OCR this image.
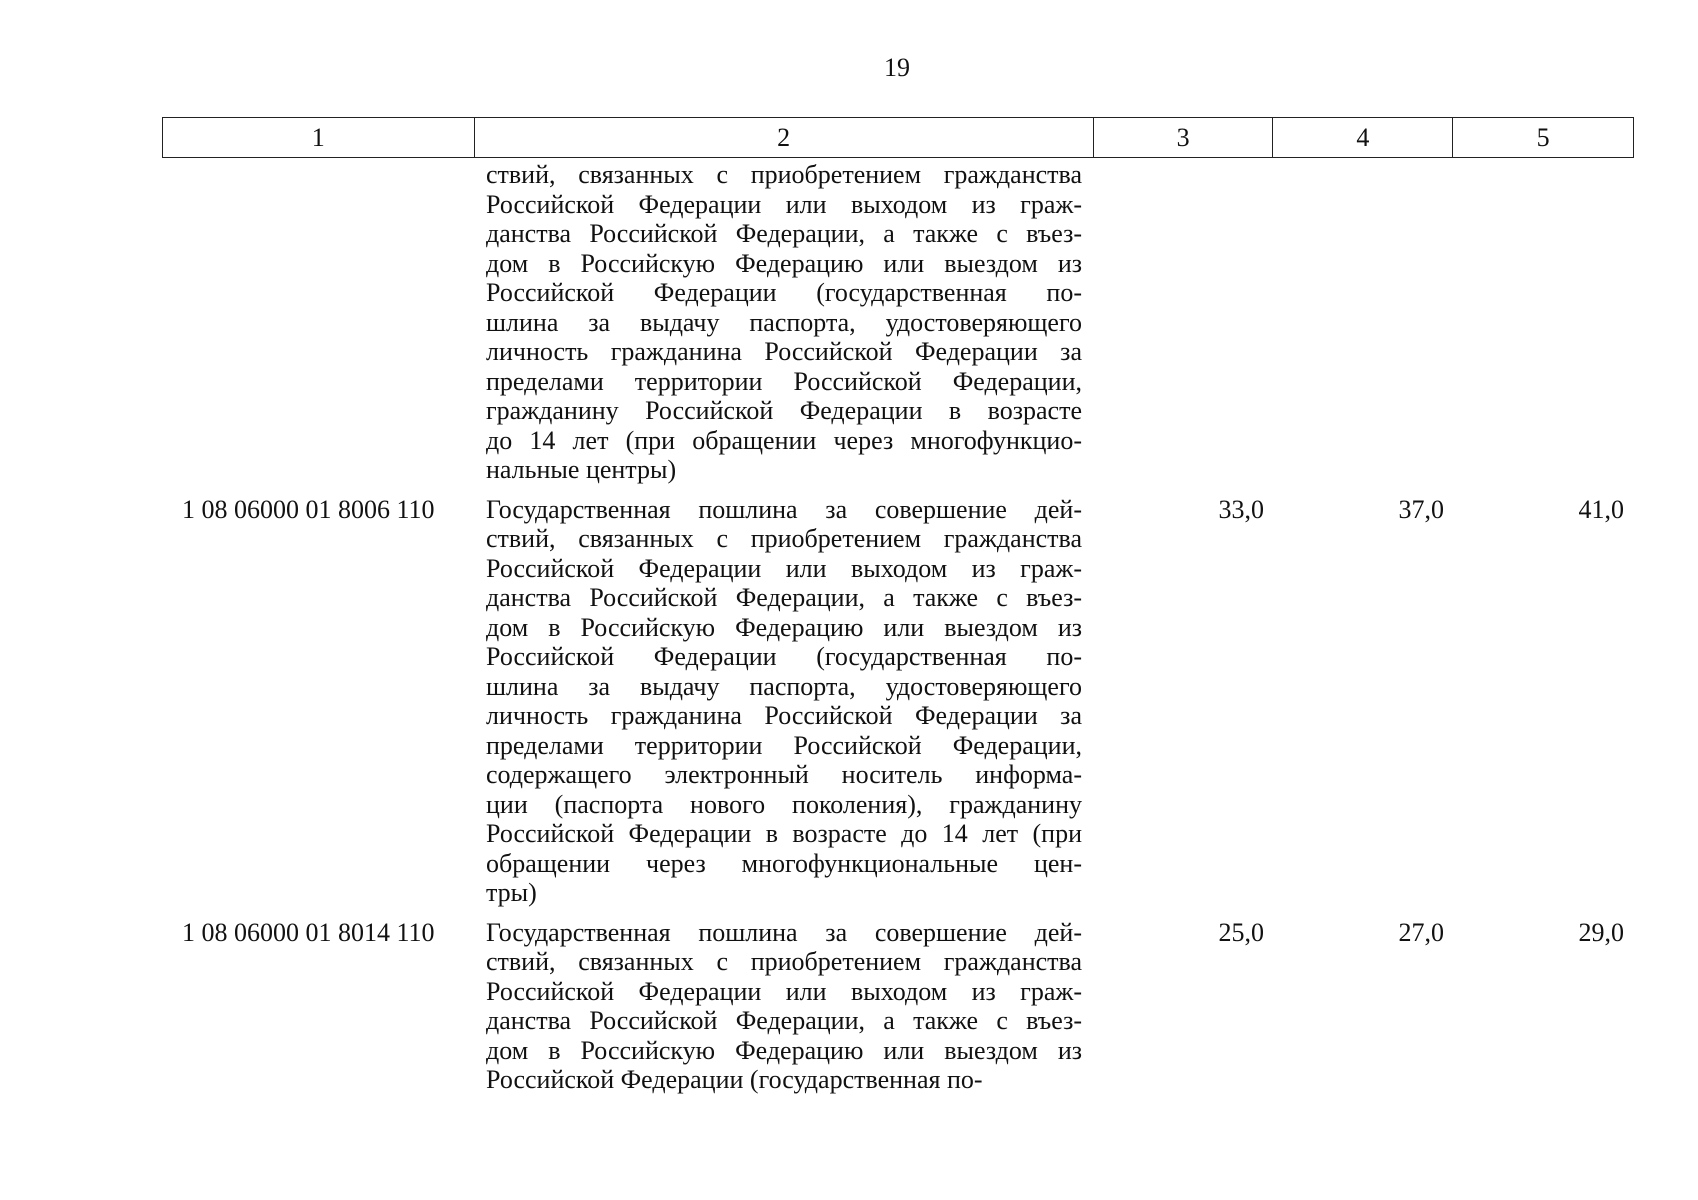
19
1	2	3	4	5
ствий, связанных с приобретением гражданства
Российской Федерации или выходом из граж-
данства Российской Федерации, а также с въез-
дом в Российскую Федерацию или выездом из
Российской Федерации (государственная по-
шлина за выдачу паспорта, удостоверяющего
личность гражданина Российской Федерации за
пределами территории Российской Федерации,
гражданину Российской Федерации в возрасте
до 14 лет (при обращении через многофункцио-
нальные центры)
1 08 06000 01 8006 110	Государственная пошлина за совершение дей-
ствий, связанных с приобретением гражданства
Российской Федерации или выходом из граж-
данства Российской Федерации, а также с въез-
дом в Российскую Федерацию или выездом из
Российской Федерации (государственная по-
шлина за выдачу паспорта, удостоверяющего
личность гражданина Российской Федерации за
пределами территории Российской Федерации,
содержащего электронный носитель информа-
ции (паспорта нового поколения), гражданину
Российской Федерации в возрасте до 14 лет (при
обращении через многофункциональные цен-
тры)
33,0	37,0	41,0
1 08 06000 01 8014 110	Государственная пошлина за совершение дей-
ствий, связанных с приобретением гражданства
Российской Федерации или выходом из граж-
данства Российской Федерации, а также с въез-
дом в Российскую Федерацию или выездом из
Российской Федерации (государственная по-
25,0	27,0	29,0
